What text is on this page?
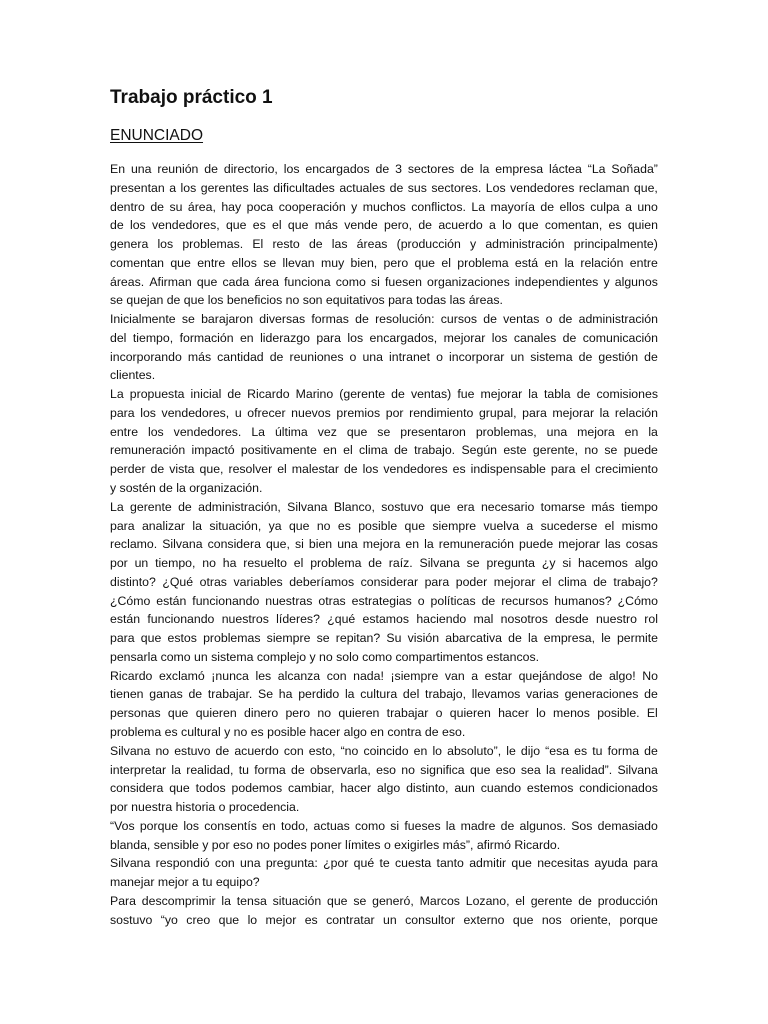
Trabajo práctico 1
ENUNCIADO
En una reunión de directorio, los encargados de 3 sectores de la empresa láctea “La Soñada”
presentan a los gerentes las dificultades actuales de sus sectores. Los vendedores reclaman que,
dentro de su área, hay poca cooperación y muchos conflictos. La mayoría de ellos culpa a uno
de los vendedores, que es el que más vende pero, de acuerdo a lo que comentan, es quien
genera los problemas. El resto de las áreas (producción y administración principalmente)
comentan que entre ellos se llevan muy bien, pero que el problema está en la relación entre
áreas. Afirman que cada área funciona como si fuesen organizaciones independientes y algunos
se quejan de que los beneficios no son equitativos para todas las áreas.
Inicialmente se barajaron diversas formas de resolución: cursos de ventas o de administración
del tiempo, formación en liderazgo para los encargados, mejorar los canales de comunicación
incorporando más cantidad de reuniones o una intranet o incorporar un sistema de gestión de
clientes.
La propuesta inicial de Ricardo Marino (gerente de ventas) fue mejorar la tabla de comisiones
para los vendedores, u ofrecer nuevos premios por rendimiento grupal, para mejorar la relación
entre los vendedores. La última vez que se presentaron problemas, una mejora en la
remuneración impactó positivamente en el clima de trabajo. Según este gerente, no se puede
perder de vista que, resolver el malestar de los vendedores es indispensable para el crecimiento
y sostén de la organización.
La gerente de administración, Silvana Blanco, sostuvo que era necesario tomarse más tiempo
para analizar la situación, ya que no es posible que siempre vuelva a sucederse el mismo
reclamo. Silvana considera que, si bien una mejora en la remuneración puede mejorar las cosas
por un tiempo, no ha resuelto el problema de raíz. Silvana se pregunta ¿y si hacemos algo
distinto? ¿Qué otras variables deberíamos considerar para poder mejorar el clima de trabajo?
¿Cómo están funcionando nuestras otras estrategias o políticas de recursos humanos? ¿Cómo
están funcionando nuestros líderes? ¿qué estamos haciendo mal nosotros desde nuestro rol
para que estos problemas siempre se repitan? Su visión abarcativa de la empresa, le permite
pensarla como un sistema complejo y no solo como compartimentos estancos.
Ricardo exclamó ¡nunca les alcanza con nada! ¡siempre van a estar quejándose de algo! No
tienen ganas de trabajar. Se ha perdido la cultura del trabajo, llevamos varias generaciones de
personas que quieren dinero pero no quieren trabajar o quieren hacer lo menos posible. El
problema es cultural y no es posible hacer algo en contra de eso.
Silvana no estuvo de acuerdo con esto, “no coincido en lo absoluto”, le dijo “esa es tu forma de
interpretar la realidad, tu forma de observarla, eso no significa que eso sea la realidad”. Silvana
considera que todos podemos cambiar, hacer algo distinto, aun cuando estemos condicionados
por nuestra historia o procedencia.
“Vos porque los consentís en todo, actuas como si fueses la madre de algunos. Sos demasiado
blanda, sensible y por eso no podes poner límites o exigirles más”, afirmó Ricardo.
Silvana respondió con una pregunta: ¿por qué te cuesta tanto admitir que necesitas ayuda para
manejar mejor a tu equipo?
Para descomprimir la tensa situación que se generó, Marcos Lozano, el gerente de producción
sostuvo “yo creo que lo mejor es contratar un consultor externo que nos oriente, porque
